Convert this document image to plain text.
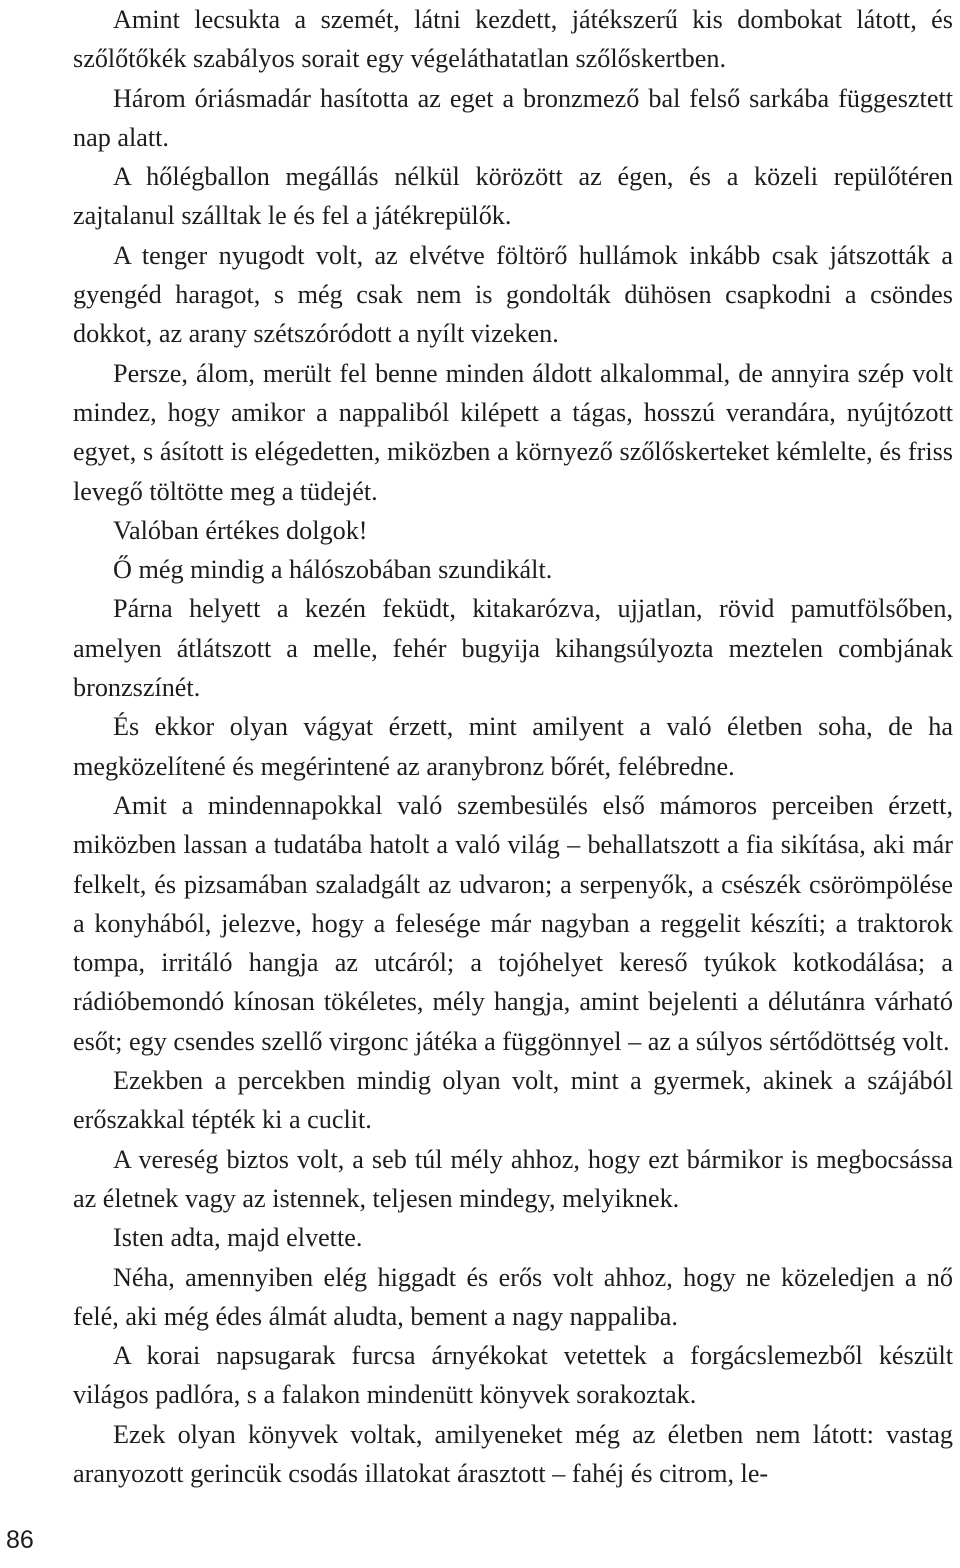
Amint lecsukta a szemét, látni kezdett, játékszerű kis dombokat látott, és szőlőtőkék szabályos sorait egy végeláthatatlan szőlőskertben.

Három óriásmadár hasította az eget a bronzmező bal felső sarkába függesztett nap alatt.

A hőlégballon megállás nélkül körözött az égen, és a közeli repülőtéren zajtalanul szálltak le és fel a játékrepülők.

A tenger nyugodt volt, az elvétve föltörő hullámok inkább csak játszották a gyengéd haragot, s még csak nem is gondolták dühösen csapkodni a csöndes dokkot, az arany szétszóródott a nyílt vizeken.

Persze, álom, merült fel benne minden áldott alkalommal, de annyira szép volt mindez, hogy amikor a nappaliból kilépett a tágas, hosszú verandára, nyújtózott egyet, s ásított is elégedetten, miközben a környező szőlőskerteket kémlelte, és friss levegő töltötte meg a tüdejét.

Valóban értékes dolgok!

Ő még mindig a hálószobában szundikált.

Párna helyett a kezén feküdt, kitakarózva, ujjatlan, rövid pamutfölsőben, amelyen átlátszott a melle, fehér bugyija kihangsúlyozta meztelen combjának bronzszínét.

És ekkor olyan vágyat érzett, mint amilyent a való életben soha, de ha megközelítené és megérintené az aranybronz bőrét, felébredne.

Amit a mindennapokkal való szembesülés első mámoros perceiben érzett, miközben lassan a tudatába hatolt a való világ – behallatszott a fia sikítása, aki már felkelt, és pizsamában szaladgált az udvaron; a serpenyők, a csészék csörömpölése a konyhából, jelezve, hogy a felesége már nagyban a reggelit készíti; a traktorok tompa, irritáló hangja az utcáról; a tojóhelyet kereső tyúkok kotkodálása; a rádióbemondó kínosan tökéletes, mély hangja, amint bejelenti a délutánra várható esőt; egy csendes szellő virgonc játéka a függönnyel – az a súlyos sértődöttség volt.

Ezekben a percekben mindig olyan volt, mint a gyermek, akinek a szájából erőszakkal tépték ki a cuclit.

A vereség biztos volt, a seb túl mély ahhoz, hogy ezt bármikor is megbocsássa az életnek vagy az istennek, teljesen mindegy, melyiknek.

Isten adta, majd elvette.

Néha, amennyiben elég higgadt és erős volt ahhoz, hogy ne közeledjen a nő felé, aki még édes álmát aludta, bement a nagy nappaliba.

A korai napsugarak furcsa árnyékokat vetettek a forgácslemezből készült világos padlóra, s a falakon mindenütt könyvek sorakoztak.

Ezek olyan könyvek voltak, amilyeneket még az életben nem látott: vastag aranyozott gerincük csodás illatokat árasztott – fahéj és citrom, le-

86
